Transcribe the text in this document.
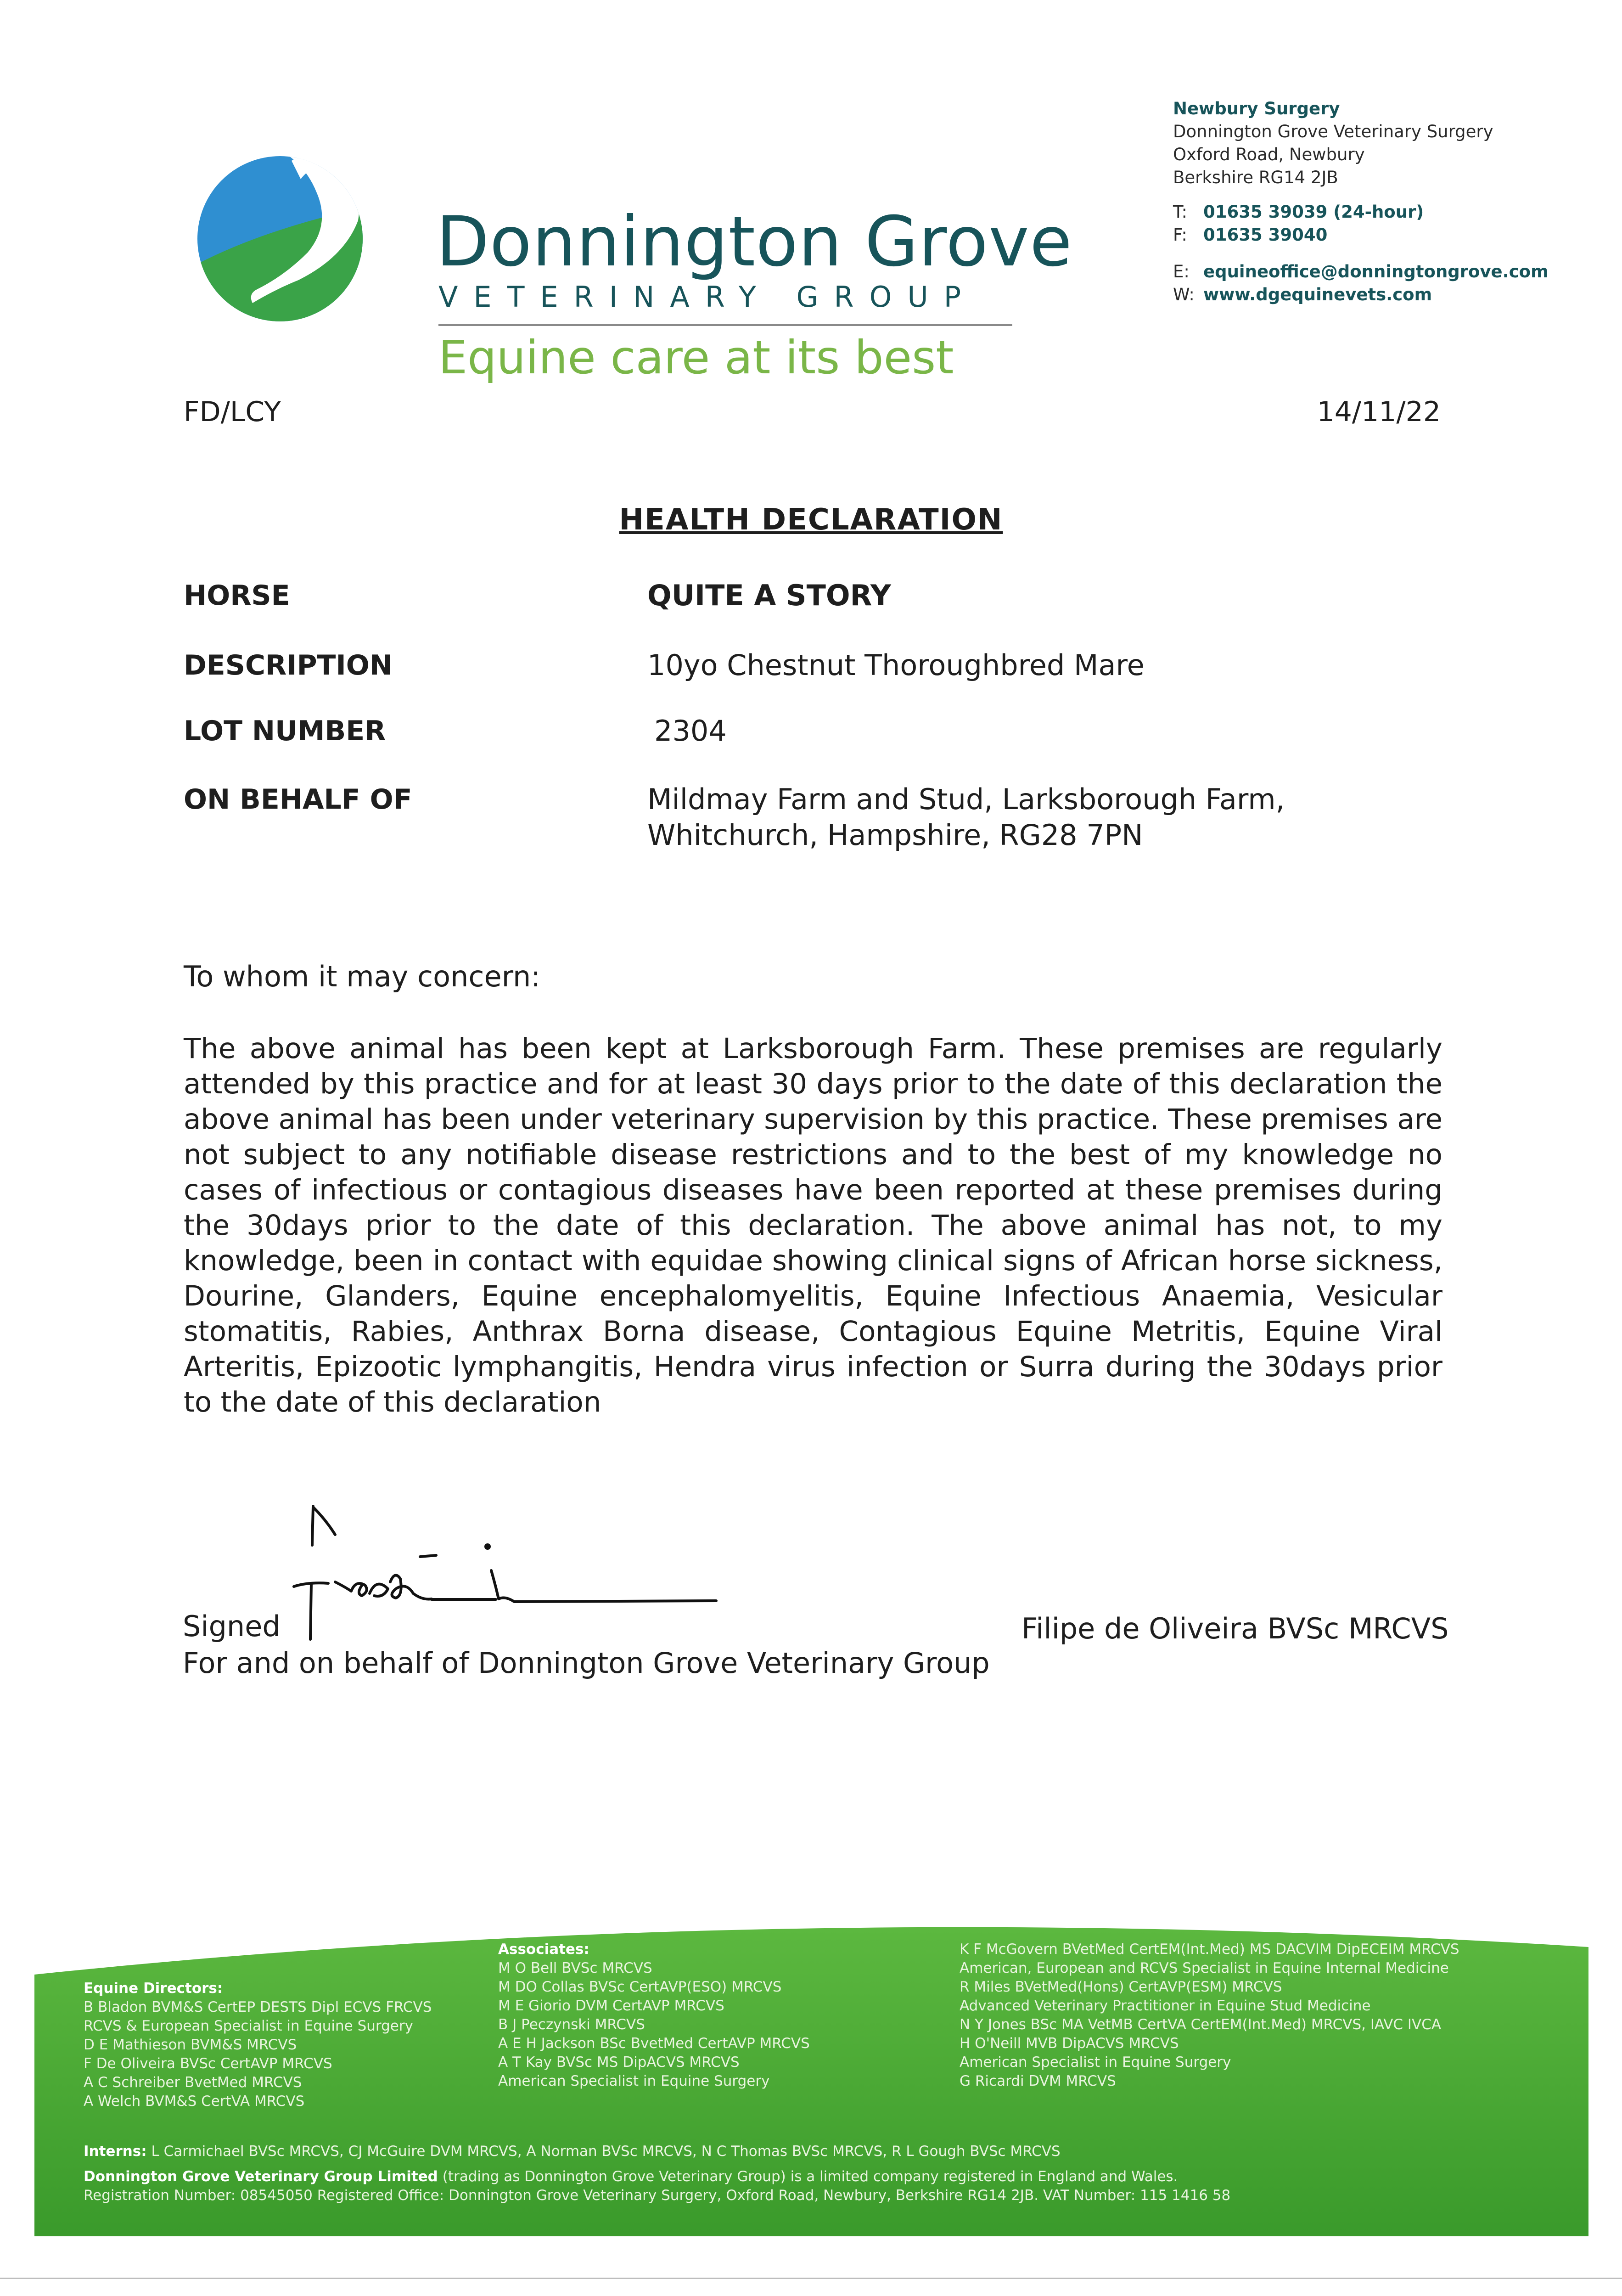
Donnington Grove
VETERINARY GROUP
Equine care at its best
Newbury Surgery
Donnington Grove Veterinary Surgery
Oxford Road, Newbury
Berkshire RG14 2JB
T: 01635 39039 (24-hour)
F: 01635 39040
E: equineoffice@donningtongrove.com
W: www.dgequinevets.com
FD/LCY	14/11/22
HEALTH DECLARATION
HORSE	QUITE A STORY
DESCRIPTION	10yo Chestnut Thoroughbred Mare
LOT NUMBER	2304
ON BEHALF OF	Mildmay Farm and Stud, Larksborough Farm, Whitchurch, Hampshire, RG28 7PN
To whom it may concern:

The above animal has been kept at Larksborough Farm. These premises are regularly attended by this practice and for at least 30 days prior to the date of this declaration the above animal has been under veterinary supervision by this practice. These premises are not subject to any notifiable disease restrictions and to the best of my knowledge no cases of infectious or contagious diseases have been reported at these premises during the 30days prior to the date of this declaration. The above animal has not, to my knowledge, been in contact with equidae showing clinical signs of African horse sickness, Dourine, Glanders, Equine encephalomyelitis, Equine Infectious Anaemia, Vesicular stomatitis, Rabies, Anthrax Borna disease, Contagious Equine Metritis, Equine Viral Arteritis, Epizootic lymphangitis, Hendra virus infection or Surra during the 30days prior to the date of this declaration

Signed	Filipe de Oliveira BVSc MRCVS
For and on behalf of Donnington Grove Veterinary Group
Equine Directors:
B Bladon BVM&S CertEP DESTS Dipl ECVS FRCVS
RCVS & European Specialist in Equine Surgery
D E Mathieson BVM&S MRCVS
F De Oliveira BVSc CertAVP MRCVS
A C Schreiber BvetMed MRCVS
A Welch BVM&S CertVA MRCVS
Associates:
M O Bell BVSc MRCVS
M DO Collas BVSc CertAVP(ESO) MRCVS
M E Giorio DVM CertAVP MRCVS
B J Peczynski MRCVS
A E H Jackson BSc BvetMed CertAVP MRCVS
A T Kay BVSc MS DipACVS MRCVS
American Specialist in Equine Surgery
K F McGovern BVetMed CertEM(Int.Med) MS DACVIM DipECEIM MRCVS
American, European and RCVS Specialist in Equine Internal Medicine
R Miles BVetMed(Hons) CertAVP(ESM) MRCVS
Advanced Veterinary Practitioner in Equine Stud Medicine
N Y Jones BSc MA VetMB CertVA CertEM(Int.Med) MRCVS, IAVC IVCA
H O'Neill MVB DipACVS MRCVS
American Specialist in Equine Surgery
G Ricardi DVM MRCVS
Interns: L Carmichael BVSc MRCVS, CJ McGuire DVM MRCVS, A Norman BVSc MRCVS, N C Thomas BVSc MRCVS, R L Gough BVSc MRCVS
Donnington Grove Veterinary Group Limited (trading as Donnington Grove Veterinary Group) is a limited company registered in England and Wales.
Registration Number: 08545050 Registered Office: Donnington Grove Veterinary Surgery, Oxford Road, Newbury, Berkshire RG14 2JB. VAT Number: 115 1416 58
